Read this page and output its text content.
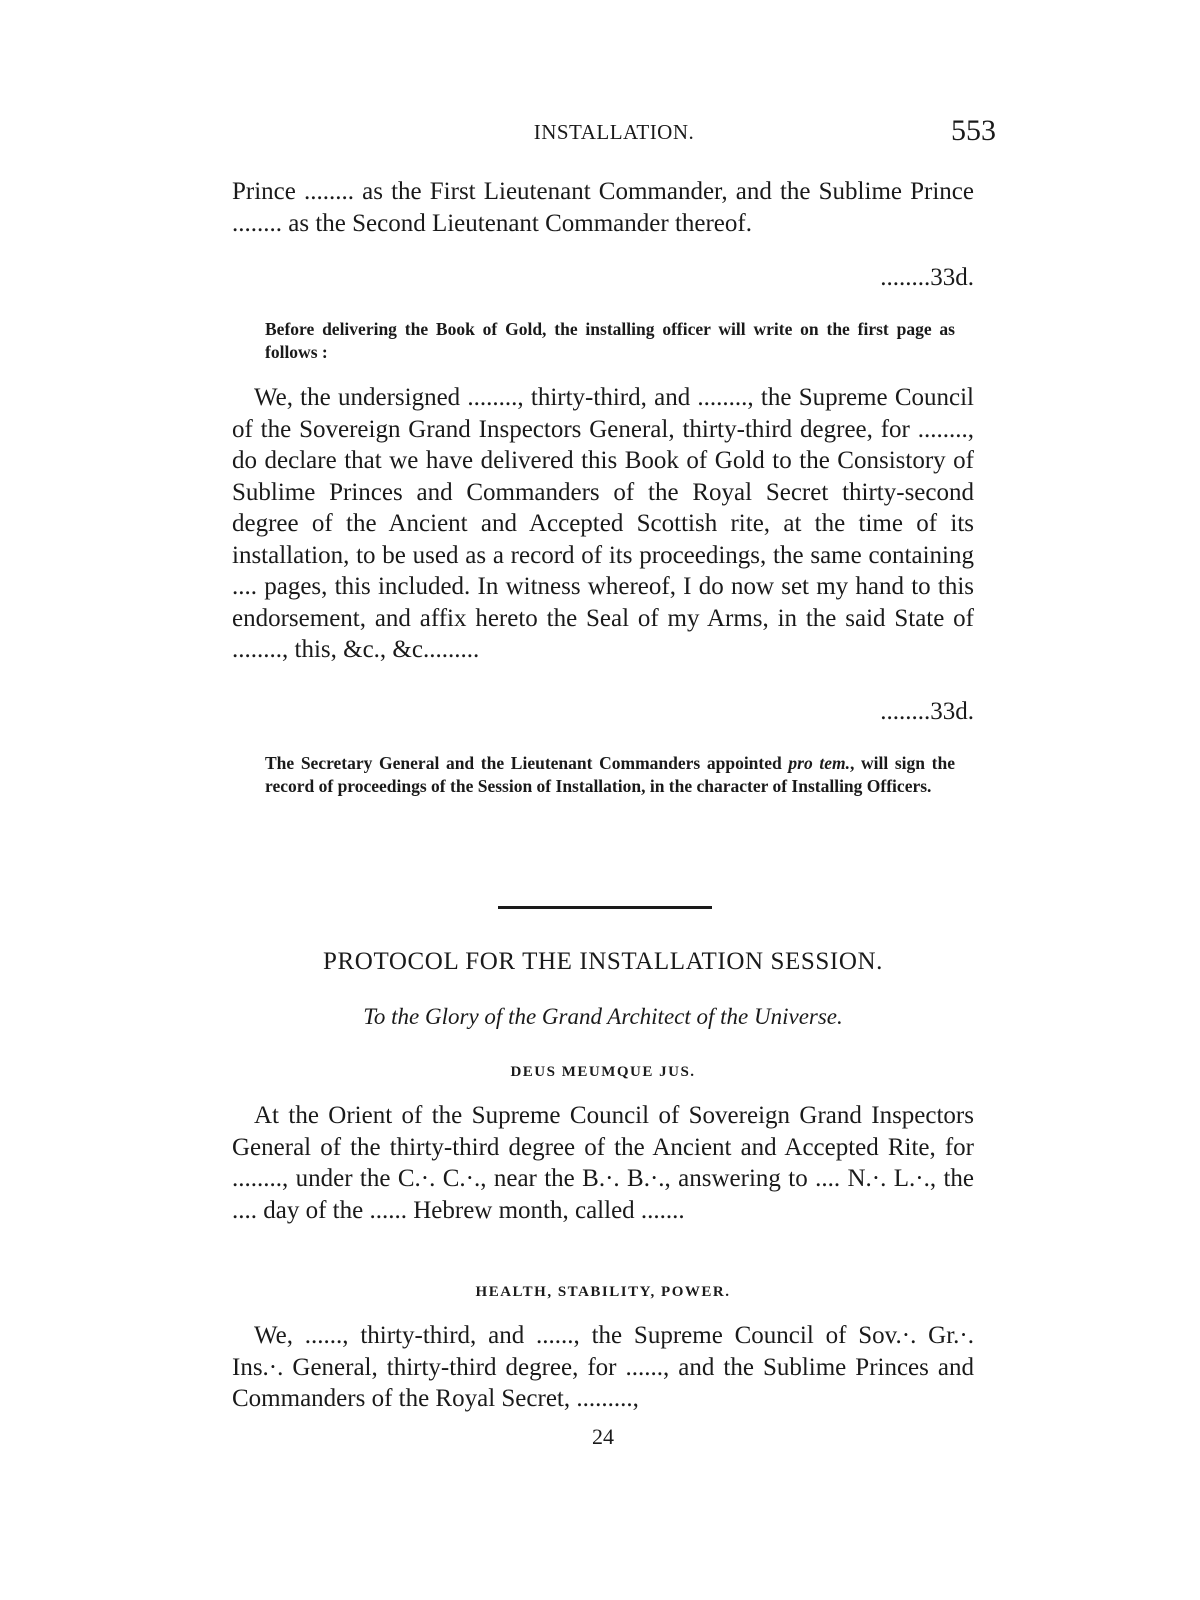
INSTALLATION.	553

Prince ........ as the First Lieutenant Commander, and the Sublime Prince ........ as the Second Lieutenant Commander thereof.

........33d.
Before delivering the Book of Gold, the installing officer will write on the first page as follows :

We, the undersigned ........, thirty-third, and ........, the Supreme Council of the Sovereign Grand Inspectors General, thirty-third degree, for ........, do declare that we have delivered this Book of Gold to the Consistory of Sublime Princes and Commanders of the Royal Secret thirty-second degree of the Ancient and Accepted Scottish rite, at the time of its installation, to be used as a record of its proceedings, the same containing .... pages, this included. In witness whereof, I do now set my hand to this endorsement, and affix hereto the Seal of my Arms, in the said State of ........, this, &c., &c.........

........33d.
The Secretary General and the Lieutenant Commanders appointed pro tem., will sign the record of proceedings of the Session of Installation, in the character of Installing Officers.
PROTOCOL FOR THE INSTALLATION SESSION.
To the Glory of the Grand Architect of the Universe.
DEUS MEUMQUE JUS.

At the Orient of the Supreme Council of Sovereign Grand Inspectors General of the thirty-third degree of the Ancient and Accepted Rite, for ........, under the C.·. C.·., near the B.·. B.·., answering to .... N.·. L.·., the .... day of the ...... Hebrew month, called .......

HEALTH, STABILITY, POWER.

We, ......, thirty-third, and ......, the Supreme Council of Sov.·. Gr.·. Ins.·. General, thirty-third degree, for ......, and the Sublime Princes and Commanders of the Royal Secret, .........,

24
